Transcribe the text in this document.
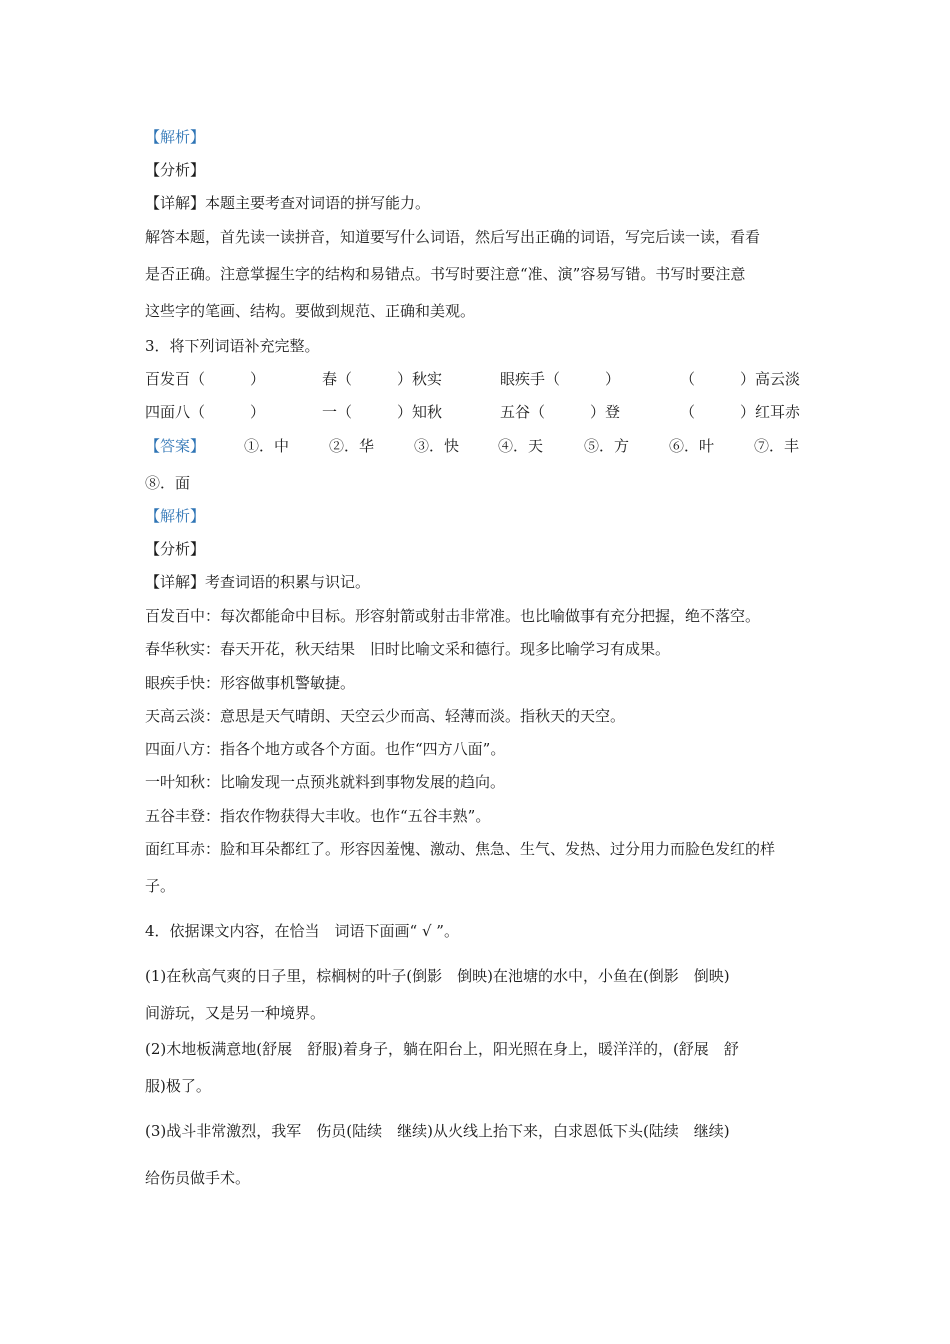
【解析】
【分析】
【详解】本题主要考查对词语的拼写能力。
解答本题，首先读一读拼音，知道要写什么词语，然后写出正确的词语，写完后读一读，看看
是否正确。注意掌握生字的结构和易错点。书写时要注意“准、演”容易写错。书写时要注意
这些字的笔画、结构。要做到规范、正确和美观。
3．将下列词语补充完整。
百发百（　　　）	春（　　　）秋实	眼疾手（　　　）	（　　　）高云淡
四面八（　　　）	一（　　　）知秋	五谷（　　　）登	（　　　）红耳赤
【答案】	①．中	②．华	③．快	④．天	⑤．方	⑥．叶	⑦．丰
⑧．面
【解析】
【分析】
【详解】考查词语的积累与识记。
百发百中：每次都能命中目标。形容射箭或射击非常准。也比喻做事有充分把握，绝不落空。
春华秋实：春天开花，秋天结果　旧时比喻文采和德行。现多比喻学习有成果。
眼疾手快：形容做事机警敏捷。
天高云淡：意思是天气晴朗、天空云少而高、轻薄而淡。指秋天的天空。
四面八方：指各个地方或各个方面。也作“四方八面”。
一叶知秋：比喻发现一点预兆就料到事物发展的趋向。
五谷丰登：指农作物获得大丰收。也作“五谷丰熟”。
面红耳赤：脸和耳朵都红了。形容因羞愧、激动、焦急、生气、发热、过分用力而脸色发红的样
子。
4．依据课文内容，在恰当　词语下面画“ √ ”。
(1)在秋高气爽的日子里，棕榈树的叶子(倒影　倒映)在池塘的水中，小鱼在(倒影　倒映)
间游玩，又是另一种境界。
(2)木地板满意地(舒展　舒服)着身子，躺在阳台上，阳光照在身上，暖洋洋的，(舒展　舒
服)极了。
(3)战斗非常激烈，我军　伤员(陆续　继续)从火线上抬下来，白求恩低下头(陆续　继续)
给伤员做手术。
